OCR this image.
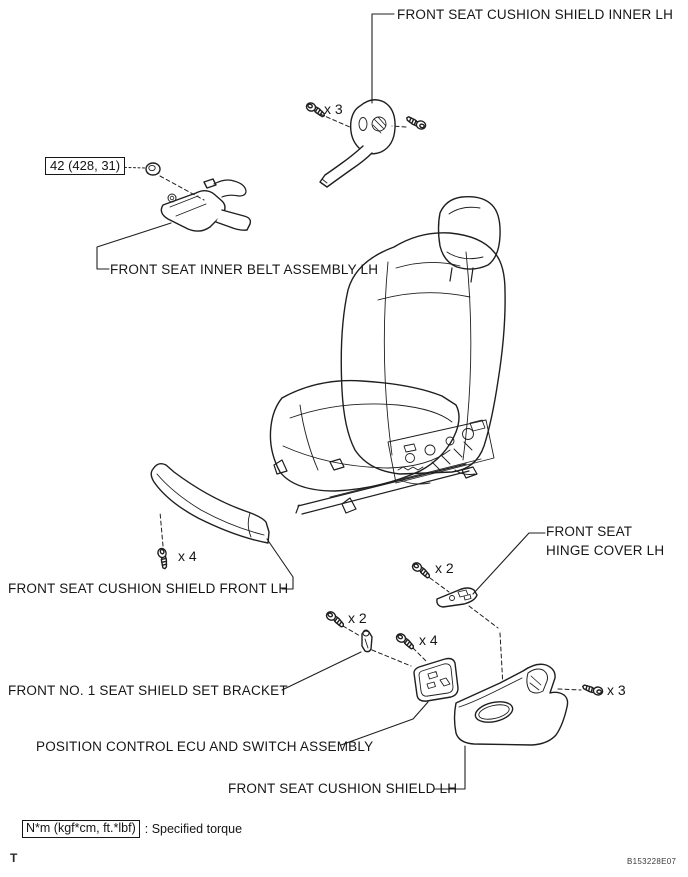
FRONT SEAT CUSHION SHIELD INNER LH
42 (428, 31)
FRONT SEAT INNER BELT ASSEMBLY LH
FRONT SEAT CUSHION SHIELD FRONT LH
FRONT SEAT
HINGE COVER LH
FRONT NO. 1 SEAT SHIELD SET BRACKET
POSITION CONTROL ECU AND SWITCH ASSEMBLY
FRONT SEAT CUSHION SHIELD LH
x 3
x 4
x 2
x 2
x 4
x 3
N*m (kgf*cm, ft.*lbf) : Specified torque
T	B153228E07
